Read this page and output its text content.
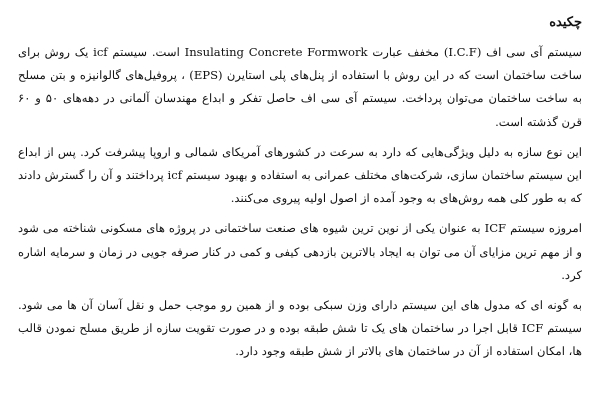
چکیده

سیستم آی سی اف (I.C.F) مخفف عبارت Insulating Concrete Formwork است. سیستم icf یک روش برای ساخت ساختمان است که در این روش با استفاده از پنل‌های پلی استایرن (EPS) ، پروفیل‌های گالوانیزه و بتن مسلح به ساخت ساختمان می‌توان پرداخت. سیستم آی سی اف حاصل تفکر و ابداع مهندسان آلمانی در دهه‌های ۵۰ و ۶۰ قرن گذشته است.

این نوع سازه به دلیل ویژگی‌هایی که دارد به سرعت در کشورهای آمریکای شمالی و اروپا پیشرفت کرد. پس از ابداع این سیستم ساختمان سازی، شرکت‌های مختلف عمرانی به استفاده و بهبود سیستم icf پرداختند و آن را گسترش دادند که به طور کلی همه روش‌های به وجود آمده از اصول اولیه پیروی می‌کنند.

امروزه سیستم ICF به عنوان یکی از نوین ترین شیوه های صنعت ساختمانی در پروژه های مسکونی شناخته می شود و از مهم ترین مزایای آن می توان به ایجاد بالاترین بازدهی کیفی و کمی در کنار صرفه جویی در زمان و سرمایه اشاره کرد.

به گونه ای که مدول های این سیستم دارای وزن سبکی بوده و از همین رو موجب حمل و نقل آسان آن ها می شود. سیستم ICF قابل اجرا در ساختمان های یک تا شش طبقه بوده و در صورت تقویت سازه از طریق مسلح نمودن قالب ها، امکان استفاده از آن در ساختمان های بالاتر از شش طبقه وجود دارد.
